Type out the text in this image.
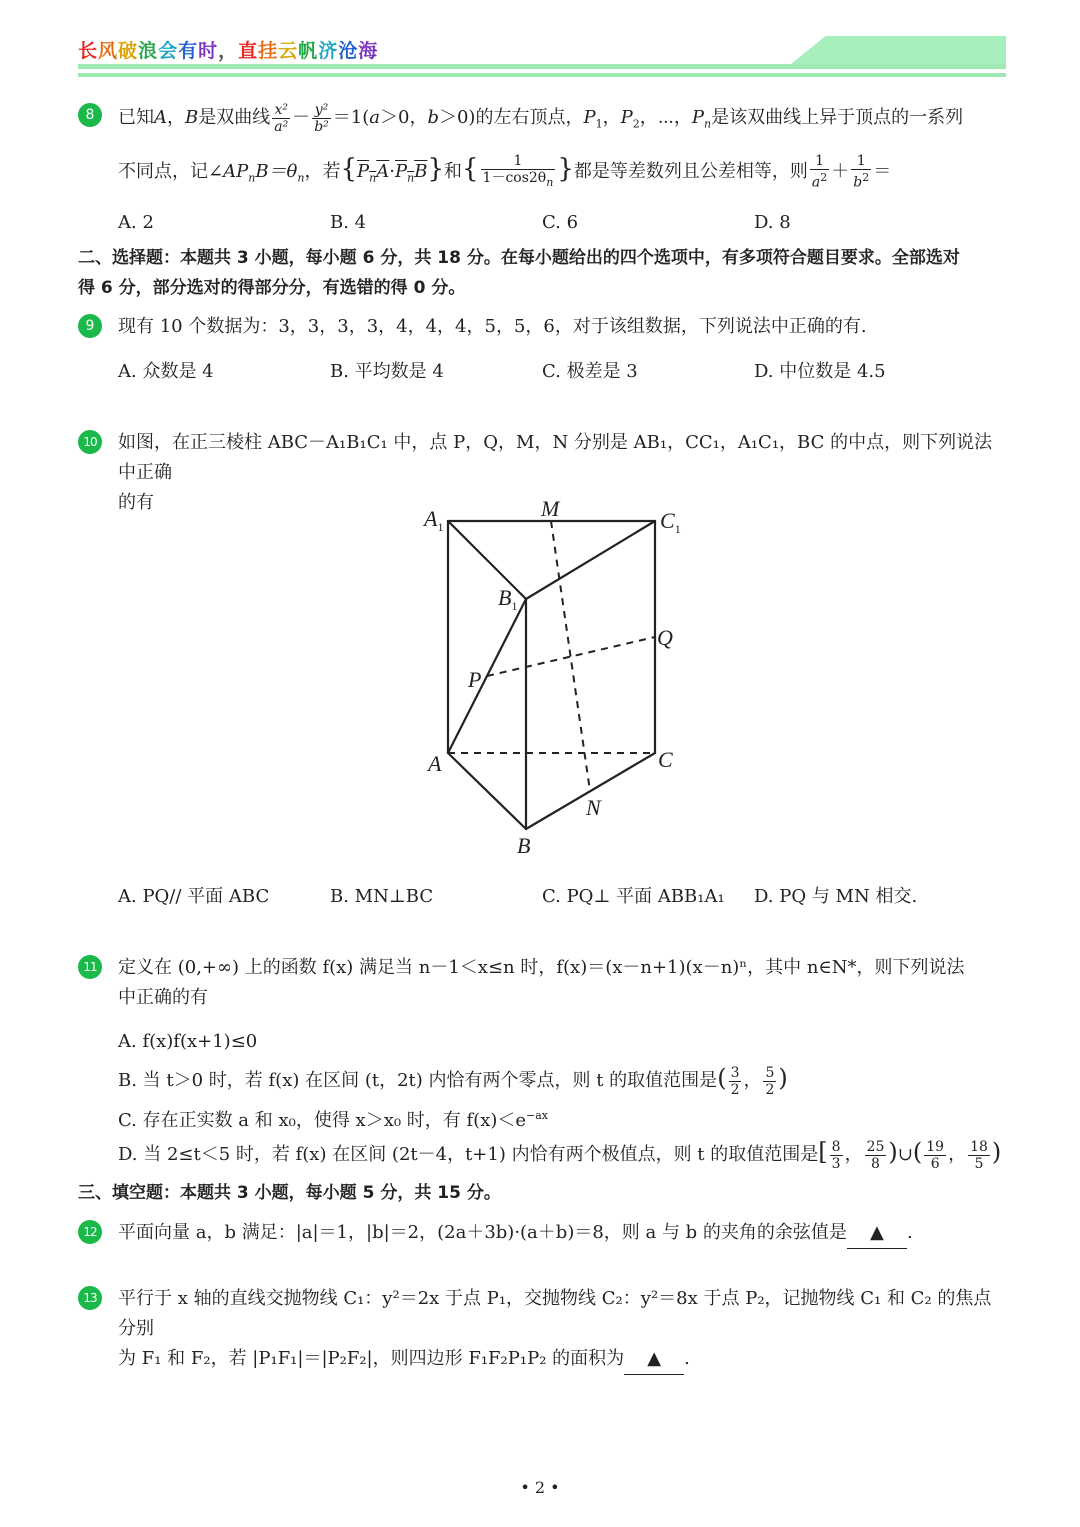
长风破浪会有时，直挂云帆济沧海
8	已知A，B是双曲线 $\frac{\text{x²}}{\text{a²}} - \frac{\text{y²}}{\text{b²}} =1(a>0$，b＞0)的左右顶点，$P_1$，$P_2$，⋯，$P_n$是该双曲线上异于顶点的一系列
不同点，记$\angle AP_nB=\theta_n$，若$\{P_nA\cdot P_nB\}$和{ $\frac{1}{1-\cos 2\theta_n}$ }都是等差数列且公差相等，则 $\frac{1}{a^2} + \frac{1}{b^2}$ ＝
A. 2	B. 4	C. 6	D. 8
二、选择题：本题共 3 小题，每小题 6 分，共 18 分。在每小题给出的四个选项中，有多项符合题目要求。全部选对
得 6 分，部分选对的得部分分，有选错的得 0 分。
9	现有 10 个数据为：3，3，3，3，4，4，4，5，5，6，对于该组数据，下列说法中正确的有.
A. 众数是 4	B. 平均数是 4	C. 极差是 3	D. 中位数是 4.5
10 如图，在正三棱柱 ABC－A₁B₁C₁ 中，点 P，Q，M，N 分别是 AB₁，CC₁，A₁C₁，BC 的中点，则下列说法中正确
的有
$A_1$
M	$C_1$
$B_1$
Q
P
A	C
N
B
A. PQ// 平面 ABC	B. MN⊥BC	C. PQ⊥ 平面 ABB₁A₁ D. PQ 与 MN 相交.
11 定义在 (0,+∞) 上的函数 f(x) 满足当 n－1＜x≤n 时，f(x)＝(x－n+1)(x－n)ⁿ，其中 n∈N*，则下列说法
中正确的有
A. f(x)f(x+1)≤0
B. 当 t＞0 时，若 f(x) 在区间 (t，2t) 内恰有两个零点，则 t 的取值范围是( $\frac{3}{2}$ ， $\frac{5}{2}$ )
C. 存在正实数 a 和 x₀，使得 x＞x₀ 时，有 $f(x)<e^{-ax}$
D. 当 2≤t＜5 时，若 f(x) 在区间 (2t－4，t+1) 内恰有两个极值点，则 t 的取值范围是[ $\frac{8}{3}$ ， $\frac{25}{8}$ )∪( $\frac{19}{6}$ ， $\frac{18}{5}$ )
三、填空题：本题共 3 小题，每小题 5 分，共 15 分。
12 平面向量 a，b 满足：|a|＝1，|b|＝2，(2a＋3b)·(a＋b)＝8，则 a 与 b 的夹角的余弦值是 ▲ .
13 平行于 x 轴的直线交抛物线 C₁：y²＝2x 于点 P₁，交抛物线 C₂：y²＝8x 于点 P₂，记抛物线 C₁ 和 C₂ 的焦点分别
为 F₁ 和 F₂，若 |P₁F₁|＝|P₂F₂|，则四边形 F₁F₂P₁P₂ 的面积为 ▲ .
• 2 •
